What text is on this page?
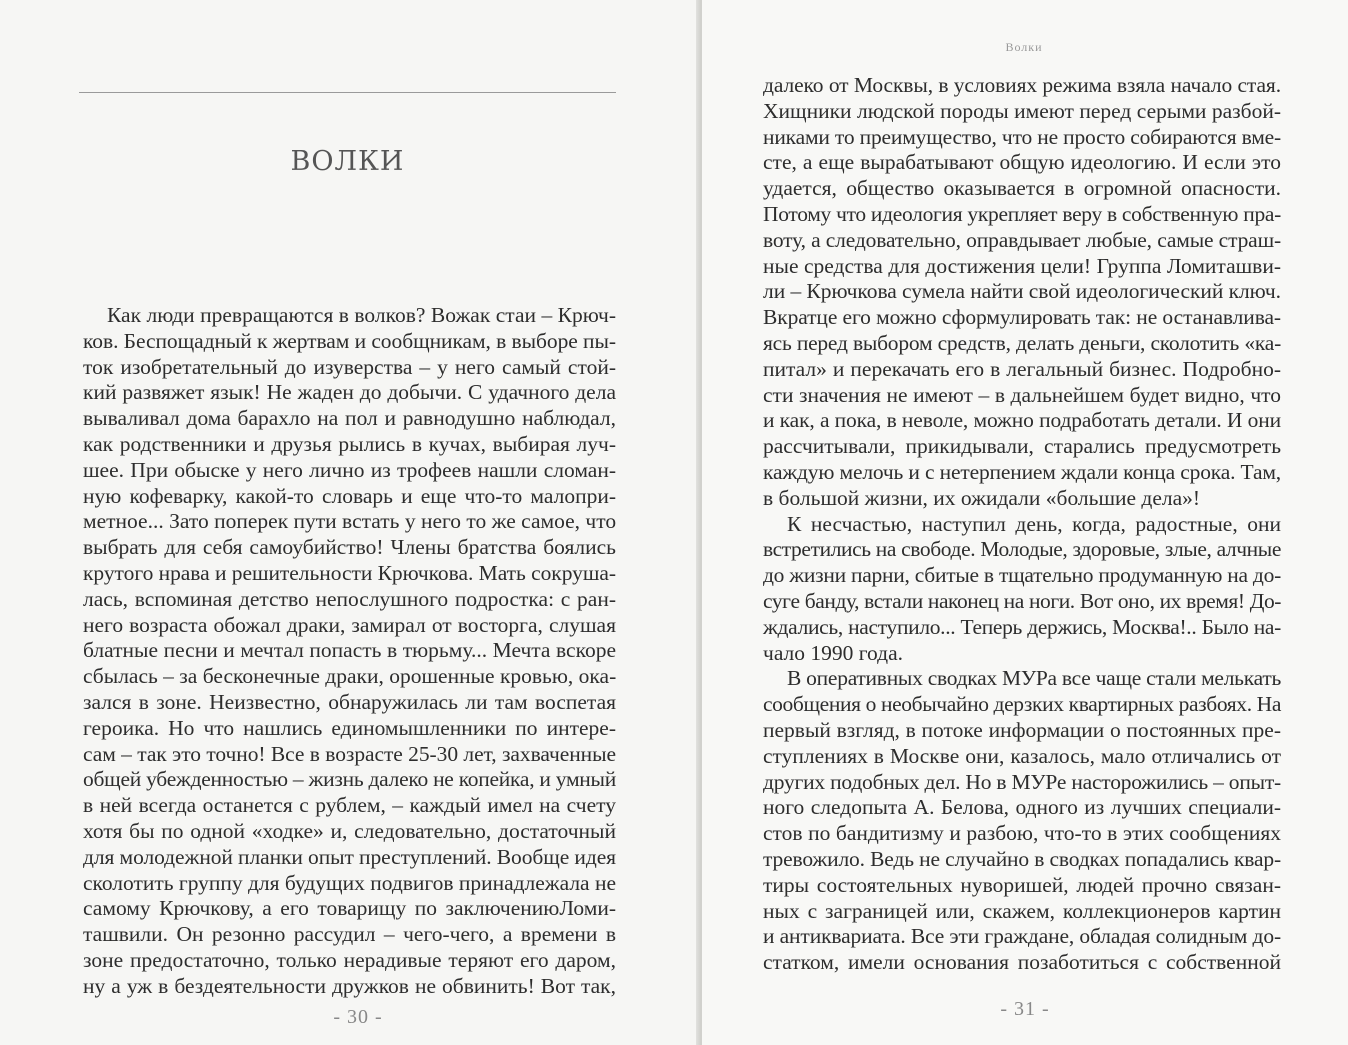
ВОЛКИ
Как люди превращаются в волков? Вожак стаи – Крюч-
ков. Беспощадный к жертвам и сообщникам, в выборе пы-
ток изобретательный до изуверства – у него самый стой-
кий развяжет язык! Не жаден до добычи. С удачного дела
вываливал дома барахло на пол и равнодушно наблюдал,
как родственники и друзья рылись в кучах, выбирая луч-
шее. При обыске у него лично из трофеев нашли сломан-
ную кофеварку, какой-то словарь и еще что-то малопри-
метное... Зато поперек пути встать у него то же самое, что
выбрать для себя самоубийство! Члены братства боялись
крутого нрава и решительности Крючкова. Мать сокруша-
лась, вспоминая детство непослушного подростка: с ран-
него возраста обожал драки, замирал от восторга, слушая
блатные песни и мечтал попасть в тюрьму... Мечта вскоре
сбылась – за бесконечные драки, орошенные кровью, ока-
зался в зоне. Неизвестно, обнаружилась ли там воспетая
героика. Но что нашлись единомышленники по интере-
сам – так это точно! Все в возрасте 25-30 лет, захваченные
общей убежденностью – жизнь далеко не копейка, и умный
в ней всегда останется с рублем, – каждый имел на счету
хотя бы по одной «ходке» и, следовательно, достаточный
для молодежной планки опыт преступлений. Вообще идея
сколотить группу для будущих подвигов принадлежала не
самому Крючкову, а его товарищу по заключениюЛоми-
ташвили. Он резонно рассудил – чего-чего, а времени в
зоне предостаточно, только нерадивые теряют его даром,
ну а уж в бездеятельности дружков не обвинить! Вот так,
Волки
далеко от Москвы, в условиях режима взяла начало стая.
Хищники людской породы имеют перед серыми разбой-
никами то преимущество, что не просто собираются вме-
сте, а еще вырабатывают общую идеологию. И если это
удается, общество оказывается в огромной опасности.
Потому что идеология укрепляет веру в собственную пра-
воту, а следовательно, оправдывает любые, самые страш-
ные средства для достижения цели! Группа Ломиташви-
ли – Крючкова сумела найти свой идеологический ключ.
Вкратце его можно сформулировать так: не останавлива-
ясь перед выбором средств, делать деньги, сколотить «ка-
питал» и перекачать его в легальный бизнес. Подробно-
сти значения не имеют – в дальнейшем будет видно, что
и как, а пока, в неволе, можно подработать детали. И они
рассчитывали, прикидывали, старались предусмотреть
каждую мелочь и с нетерпением ждали конца срока. Там,
в большой жизни, их ожидали «большие дела»!
К несчастью, наступил день, когда, радостные, они
встретились на свободе. Молодые, здоровые, злые, алчные
до жизни парни, сбитые в тщательно продуманную на до-
сугe банду, встали наконец на ноги. Вот оно, их время! До-
ждались, наступило... Теперь держись, Москва!.. Было на-
чало 1990 года.
В оперативных сводках МУРа все чаще стали мелькать
сообщения о необычайно дерзких квартирных разбоях. На
первый взгляд, в потоке информации о постоянных пре-
ступлениях в Москве они, казалось, мало отличались от
других подобных дел. Но в МУРе насторожились – опыт-
ного следопыта А. Белова, одного из лучших специали-
стов по бандитизму и разбою, что-то в этих сообщениях
тревожило. Ведь не случайно в сводках попадались квар-
тиры состоятельных нуворишей, людей прочно связан-
ных с заграницей или, скажем, коллекционеров картин
и антиквариата. Все эти граждане, обладая солидным до-
статком, имели основания позаботиться с собственной
- 30 -	- 31 -
